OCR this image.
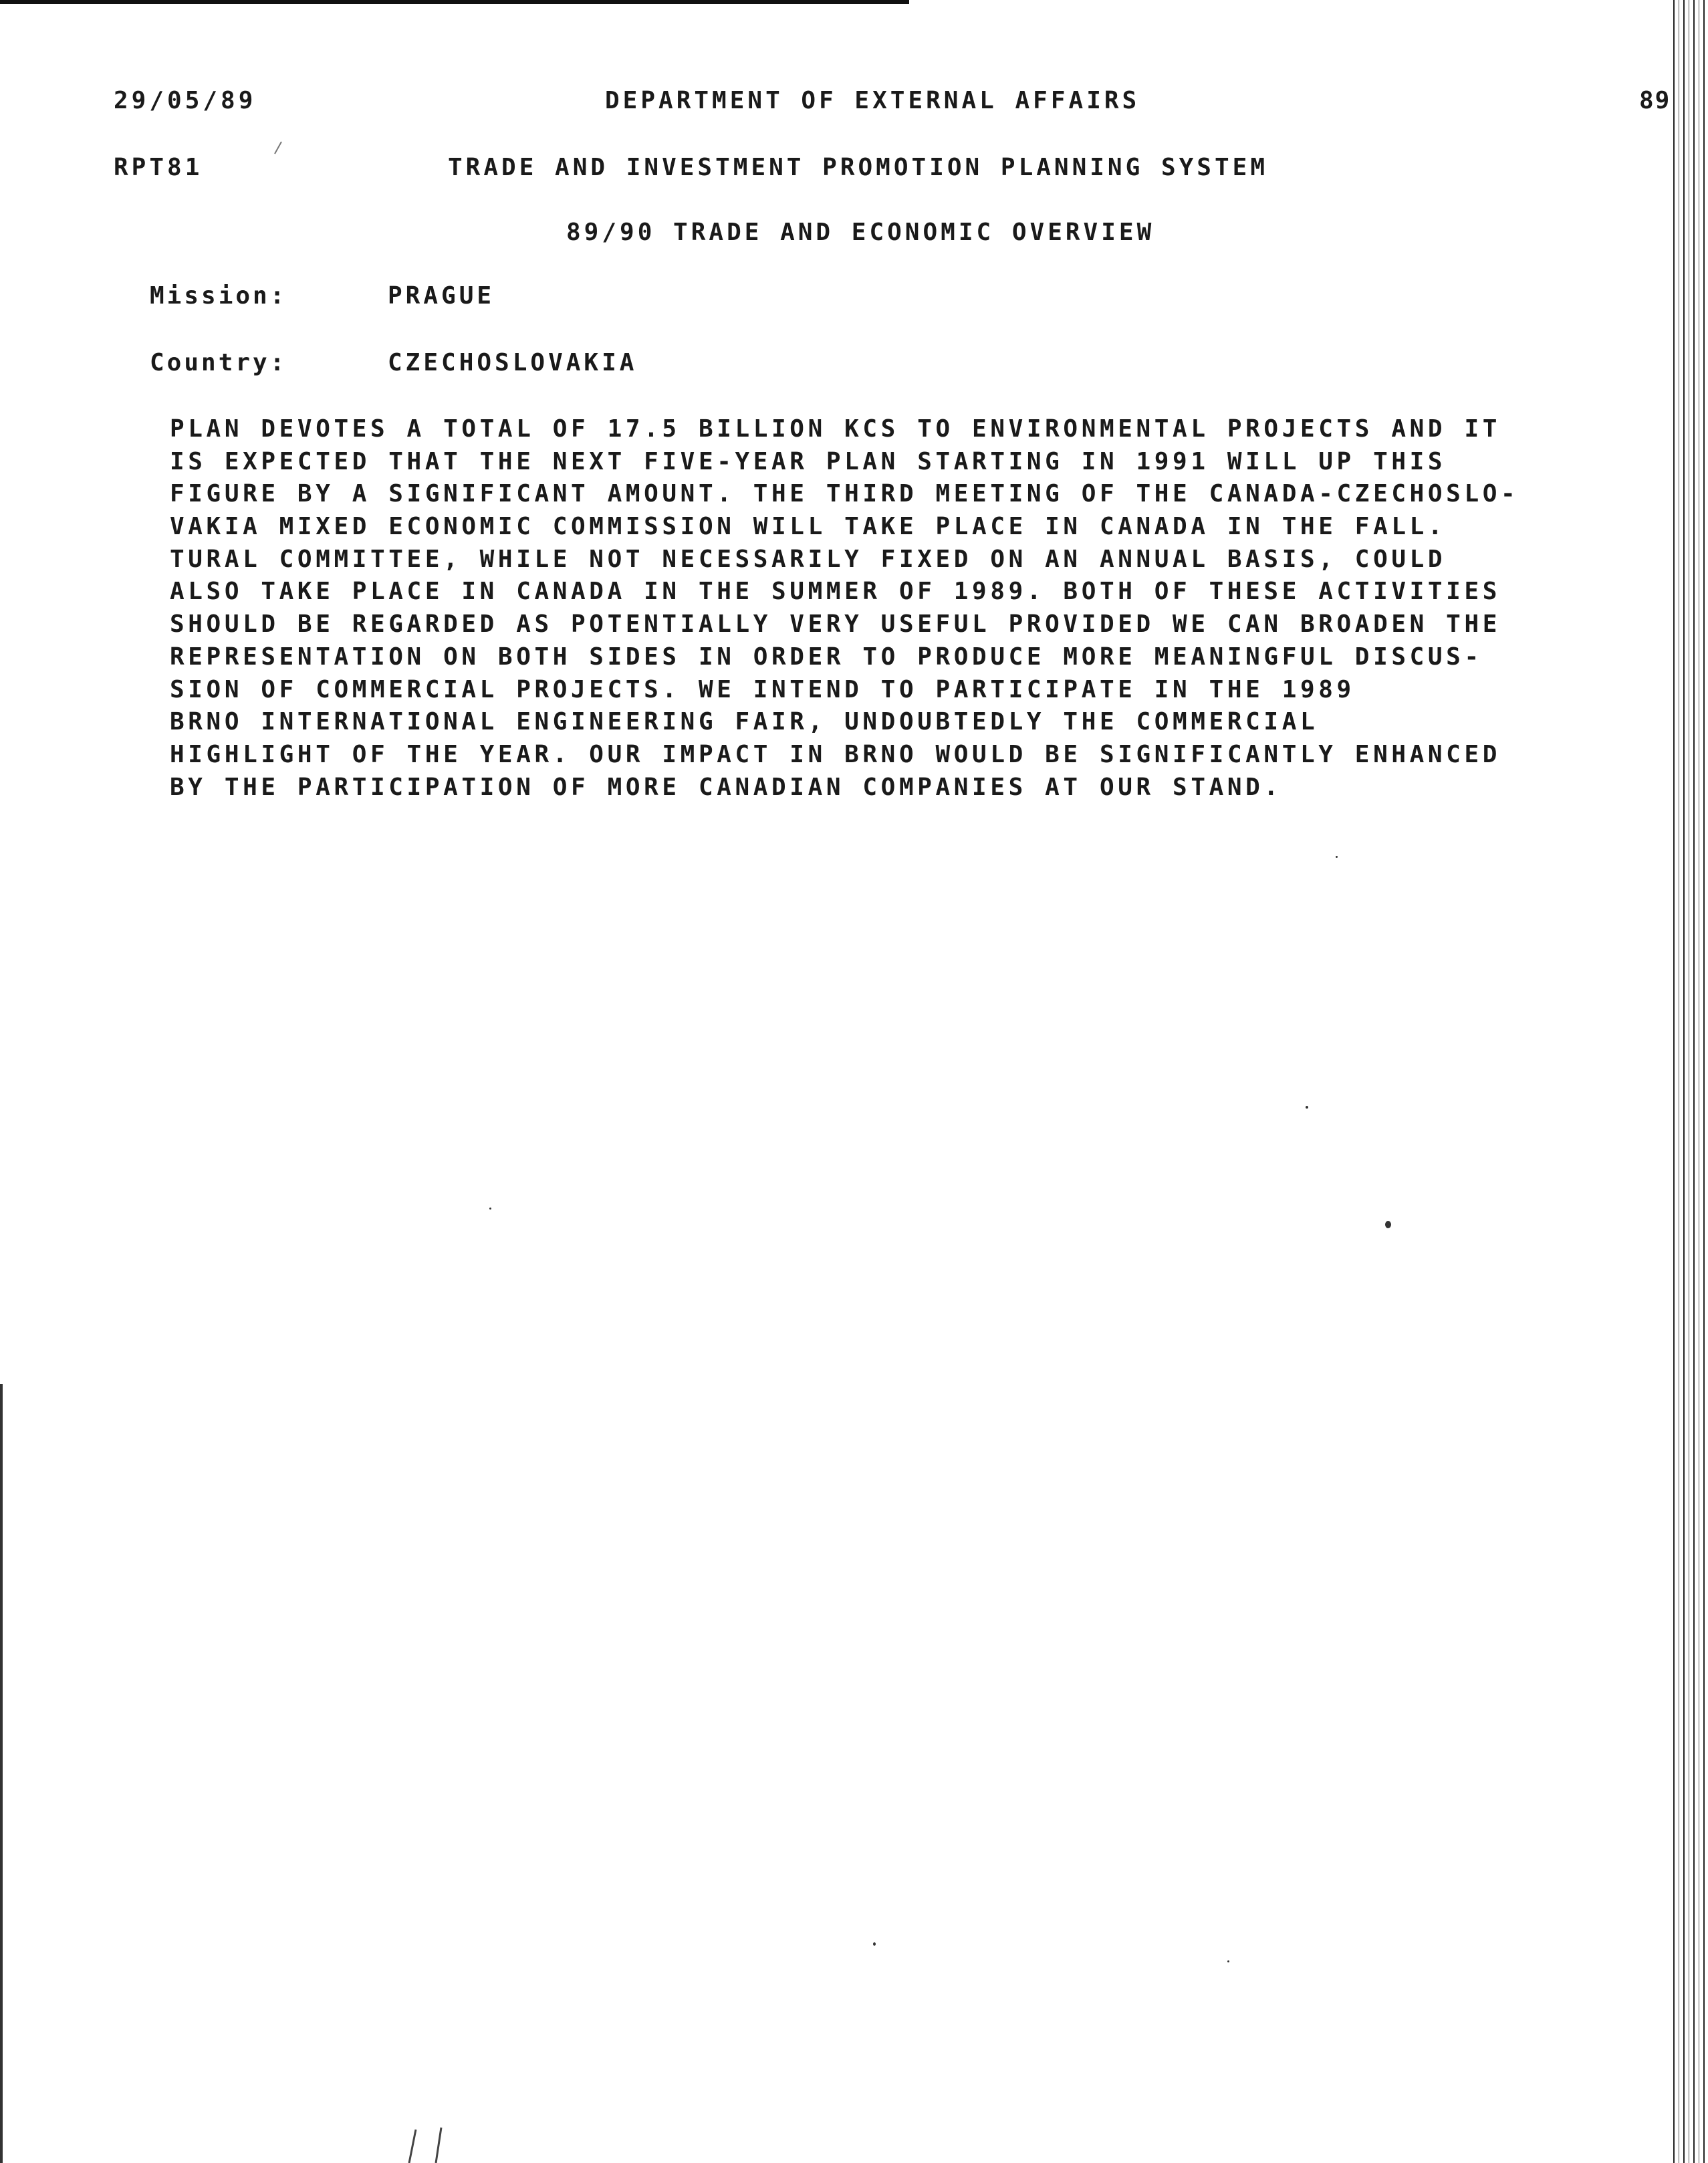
29/05/89	DEPARTMENT OF EXTERNAL AFFAIRS	89
RPT81	TRADE AND INVESTMENT PROMOTION PLANNING SYSTEM
89/90 TRADE AND ECONOMIC OVERVIEW
Mission:	PRAGUE
Country:	CZECHOSLOVAKIA
PLAN DEVOTES A TOTAL OF 17.5 BILLION KCS TO ENVIRONMENTAL PROJECTS AND IT
IS EXPECTED THAT THE NEXT FIVE-YEAR PLAN STARTING IN 1991 WILL UP THIS
FIGURE BY A SIGNIFICANT AMOUNT. THE THIRD MEETING OF THE CANADA-CZECHOSLO-
VAKIA MIXED ECONOMIC COMMISSION WILL TAKE PLACE IN CANADA IN THE FALL.
TURAL COMMITTEE, WHILE NOT NECESSARILY FIXED ON AN ANNUAL BASIS, COULD
ALSO TAKE PLACE IN CANADA IN THE SUMMER OF 1989. BOTH OF THESE ACTIVITIES
SHOULD BE REGARDED AS POTENTIALLY VERY USEFUL PROVIDED WE CAN BROADEN THE
REPRESENTATION ON BOTH SIDES IN ORDER TO PRODUCE MORE MEANINGFUL DISCUS-
SION OF COMMERCIAL PROJECTS. WE INTEND TO PARTICIPATE IN THE 1989
BRNO INTERNATIONAL ENGINEERING FAIR, UNDOUBTEDLY THE COMMERCIAL
HIGHLIGHT OF THE YEAR. OUR IMPACT IN BRNO WOULD BE SIGNIFICANTLY ENHANCED
BY THE PARTICIPATION OF MORE CANADIAN COMPANIES AT OUR STAND.
